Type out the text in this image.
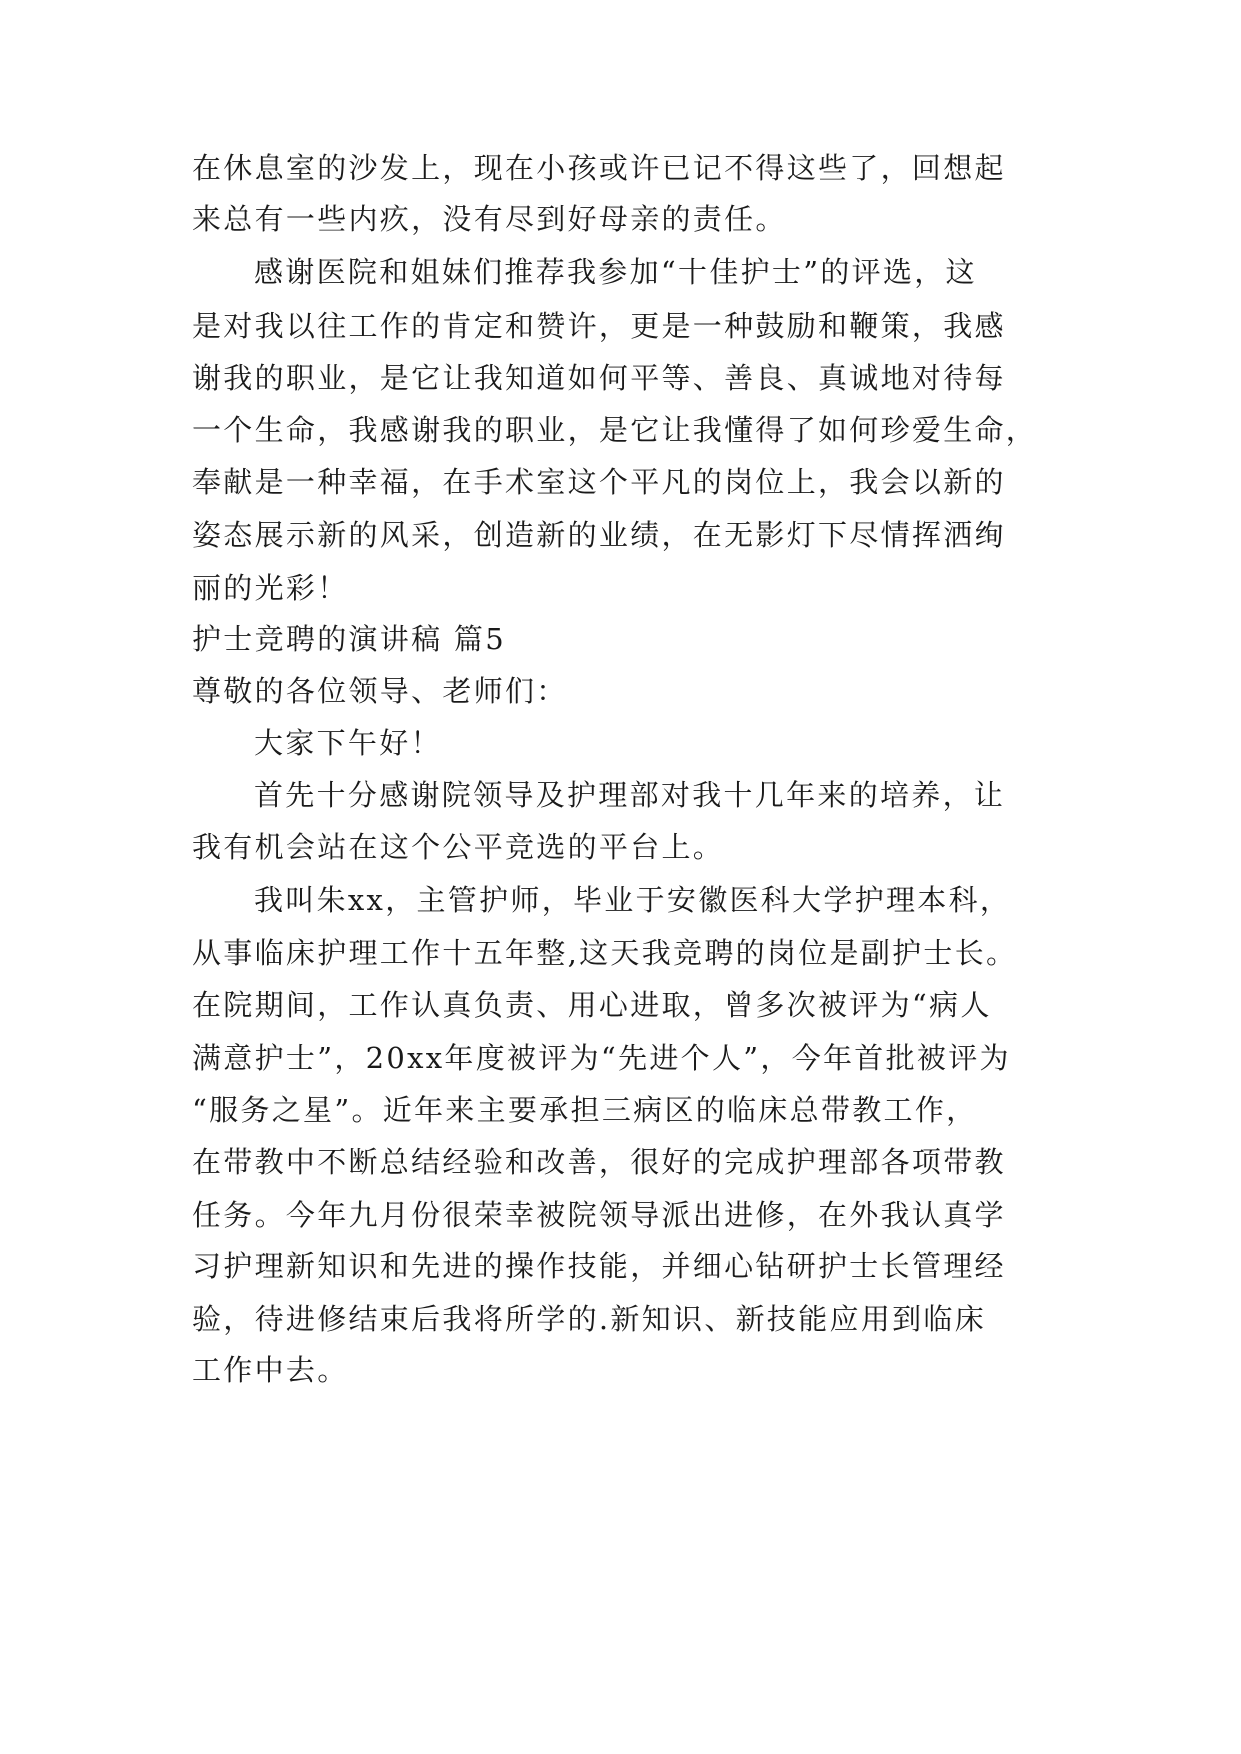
在休息室的沙发上，现在小孩或许已记不得这些了，回想起
来总有一些内疚，没有尽到好母亲的责任。
感谢医院和姐妹们推荐我参加“十佳护士”的评选，这
是对我以往工作的肯定和赞许，更是一种鼓励和鞭策，我感
谢我的职业，是它让我知道如何平等、善良、真诚地对待每
一个生命，我感谢我的职业，是它让我懂得了如何珍爱生命，
奉献是一种幸福，在手术室这个平凡的岗位上，我会以新的
姿态展示新的风采，创造新的业绩，在无影灯下尽情挥洒绚
丽的光彩！
护士竞聘的演讲稿 篇5
尊敬的各位领导、老师们：
大家下午好！
首先十分感谢院领导及护理部对我十几年来的培养，让
我有机会站在这个公平竞选的平台上。
我叫朱xx，主管护师，毕业于安徽医科大学护理本科，
从事临床护理工作十五年整,这天我竞聘的岗位是副护士长。
在院期间，工作认真负责、用心进取，曾多次被评为“病人
满意护士”，20xx年度被评为“先进个人”，今年首批被评为
“服务之星”。近年来主要承担三病区的临床总带教工作，
在带教中不断总结经验和改善，很好的完成护理部各项带教
任务。今年九月份很荣幸被院领导派出进修，在外我认真学
习护理新知识和先进的操作技能，并细心钻研护士长管理经
验，待进修结束后我将所学的.新知识、新技能应用到临床
工作中去。
